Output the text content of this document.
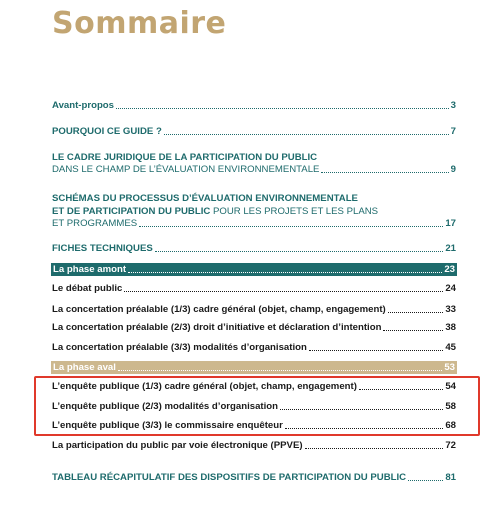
Sommaire
Avant-propos	3
POURQUOI CE GUIDE ?	7
LE CADRE JURIDIQUE DE LA PARTICIPATION DU PUBLIC
DANS LE CHAMP DE L’ÉVALUATION ENVIRONNEMENTALE	9
SCHÉMAS DU PROCESSUS D’ÉVALUATION ENVIRONNEMENTALE
ET DE PARTICIPATION DU PUBLIC POUR LES PROJETS ET LES PLANS
ET PROGRAMMES	17
FICHES TECHNIQUES	21
La phase amont	23
Le débat public	24
La concertation préalable (1/3) cadre général (objet, champ, engagement)	33
La concertation préalable (2/3) droit d’initiative et déclaration d’intention	38
La concertation préalable (3/3) modalités d’organisation	45
La phase aval	53
L’enquête publique (1/3) cadre général (objet, champ, engagement)	54
L’enquête publique (2/3) modalités d’organisation	58
L’enquête publique (3/3) le commissaire enquêteur	68
La participation du public par voie électronique (PPVE)	72
TABLEAU RÉCAPITULATIF DES DISPOSITIFS DE PARTICIPATION DU PUBLIC	81
